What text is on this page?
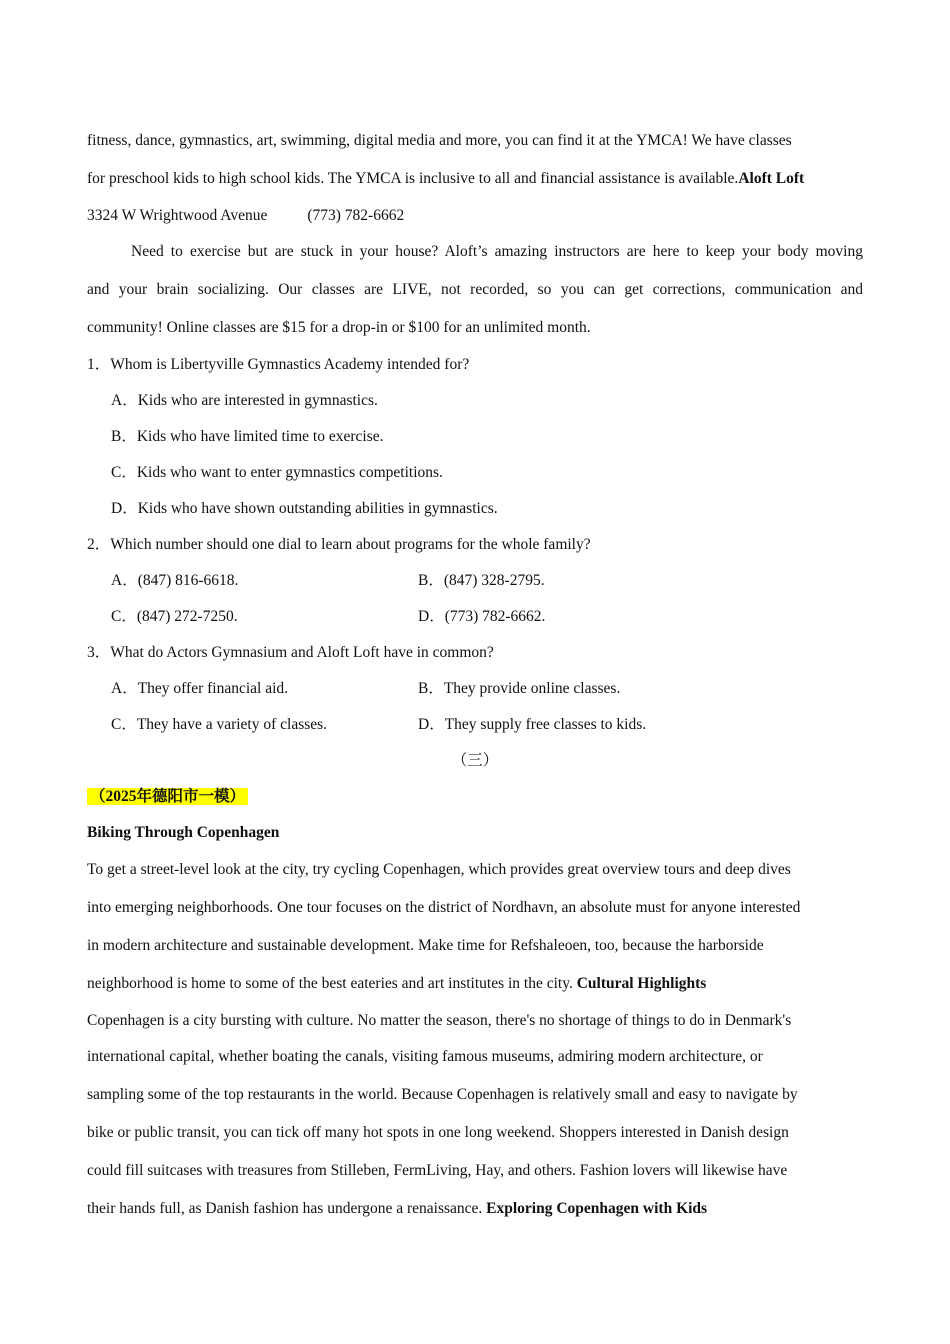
fitness, dance, gymnastics, art, swimming, digital media and more, you can find it at the YMCA! We have classes
for preschool kids to high school kids. The YMCA is inclusive to all and financial assistance is available.Aloft Loft
3324 W Wrightwood Avenue	(773) 782-6662
Need to exercise but are stuck in your house? Aloft’s amazing instructors are here to keep your body moving
and your brain socializing. Our classes are LIVE, not recorded, so you can get corrections, communication and
community! Online classes are $15 for a drop-in or $100 for an unlimited month.
1．Whom is Libertyville Gymnastics Academy intended for?
A．Kids who are interested in gymnastics.
B．Kids who have limited time to exercise.
C．Kids who want to enter gymnastics competitions.
D．Kids who have shown outstanding abilities in gymnastics.
2．Which number should one dial to learn about programs for the whole family?
A．(847) 816-6618.	B．(847) 328-2795.
C．(847) 272-7250.	D．(773) 782-6662.
3．What do Actors Gymnasium and Aloft Loft have in common?
A．They offer financial aid.	B．They provide online classes.
C．They have a variety of classes.	D．They supply free classes to kids.
（三）
（2025年德阳市一模）
Biking Through Copenhagen
To get a street-level look at the city, try cycling Copenhagen, which provides great overview tours and deep dives
into emerging neighborhoods. One tour focuses on the district of Nordhavn, an absolute must for anyone interested
in modern architecture and sustainable development. Make time for Refshaleoen, too, because the harborside
neighborhood is home to some of the best eateries and art institutes in the city. Cultural Highlights
Copenhagen is a city bursting with culture. No matter the season, there's no shortage of things to do in Denmark's
international capital, whether boating the canals, visiting famous museums, admiring modern architecture, or
sampling some of the top restaurants in the world. Because Copenhagen is relatively small and easy to navigate by
bike or public transit, you can tick off many hot spots in one long weekend. Shoppers interested in Danish design
could fill suitcases with treasures from Stilleben, FermLiving, Hay, and others. Fashion lovers will likewise have
their hands full, as Danish fashion has undergone a renaissance. Exploring Copenhagen with Kids
